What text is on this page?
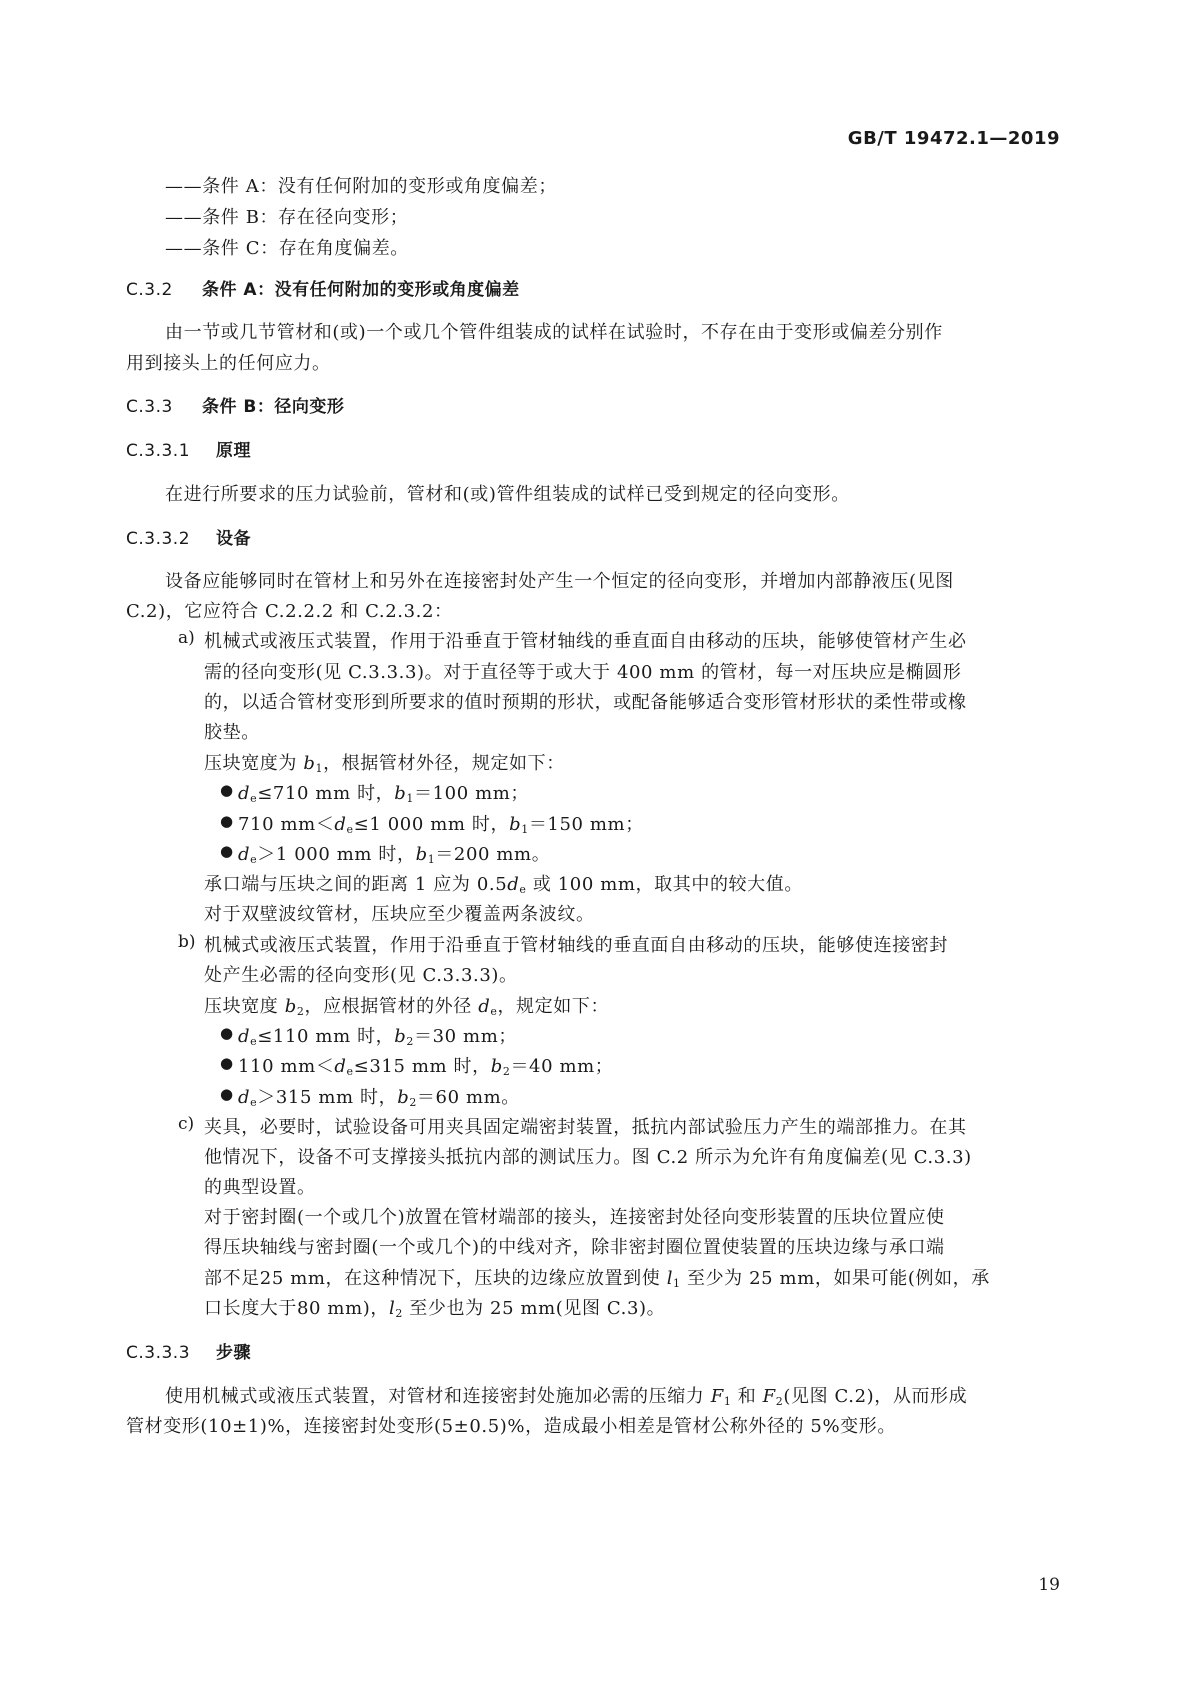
GB/T 19472.1—2019
——条件 A：没有任何附加的变形或角度偏差；
——条件 B：存在径向变形；
——条件 C：存在角度偏差。
C.3.2 条件 A：没有任何附加的变形或角度偏差
由一节或几节管材和(或)一个或几个管件组装成的试样在试验时，不存在由于变形或偏差分别作
用到接头上的任何应力。
C.3.3 条件 B：径向变形
C.3.3.1 原理
在进行所要求的压力试验前，管材和(或)管件组装成的试样已受到规定的径向变形。
C.3.3.2 设备
设备应能够同时在管材上和另外在连接密封处产生一个恒定的径向变形，并增加内部静液压(见图
C.2)，它应符合 C.2.2.2 和 C.2.3.2：
a) 机械式或液压式装置，作用于沿垂直于管材轴线的垂直面自由移动的压块，能够使管材产生必
需的径向变形(见 C.3.3.3)。对于直径等于或大于 400 mm 的管材，每一对压块应是椭圆形
的，以适合管材变形到所要求的值时预期的形状，或配备能够适合变形管材形状的柔性带或橡
胶垫。
压块宽度为 $b_1$，根据管材外径，规定如下：
● $d_e\le 710$ mm 时，$b_1=100$ mm；
● 710 $mm<d_e\le 1$ 000 mm 时，$b_1=150$ mm；
● $d_e>1$ 000 mm 时，$b_1=200$ mm。
承口端与压块之间的距离 1 应为 $0.5d_e$ 或 100 mm，取其中的较大值。
对于双壁波纹管材，压块应至少覆盖两条波纹。
b) 机械式或液压式装置，作用于沿垂直于管材轴线的垂直面自由移动的压块，能够使连接密封
处产生必需的径向变形(见 C.3.3.3)。
压块宽度 $b_2$，应根据管材的外径 $d_e$，规定如下：
● $d_e\le 110$ mm 时，$b_2=30$ mm；
● 110 $mm<d_e\le 315$ mm 时，$b_2=40$ mm；
● $d_e>315$ mm 时，$b_2=60$ mm。
c) 夹具，必要时，试验设备可用夹具固定端密封装置，抵抗内部试验压力产生的端部推力。在其
他情况下，设备不可支撑接头抵抗内部的测试压力。图 C.2 所示为允许有角度偏差(见 C.3.3)
的典型设置。
对于密封圈(一个或几个)放置在管材端部的接头，连接密封处径向变形装置的压块位置应使
得压块轴线与密封圈(一个或几个)的中线对齐，除非密封圈位置使装置的压块边缘与承口端
部不足25 mm，在这种情况下，压块的边缘应放置到使 $l_1$ 至少为 25 mm，如果可能(例如，承
口长度大于80 mm)，$l_2$ 至少也为 25 mm(见图 C.3)。
C.3.3.3 步骤
使用机械式或液压式装置，对管材和连接密封处施加必需的压缩力 $F_1$ 和 $F_2$(见图 C.2)，从而形成
管材变形(10±1)%，连接密封处变形(5±0.5)%，造成最小相差是管材公称外径的 5%变形。
19
